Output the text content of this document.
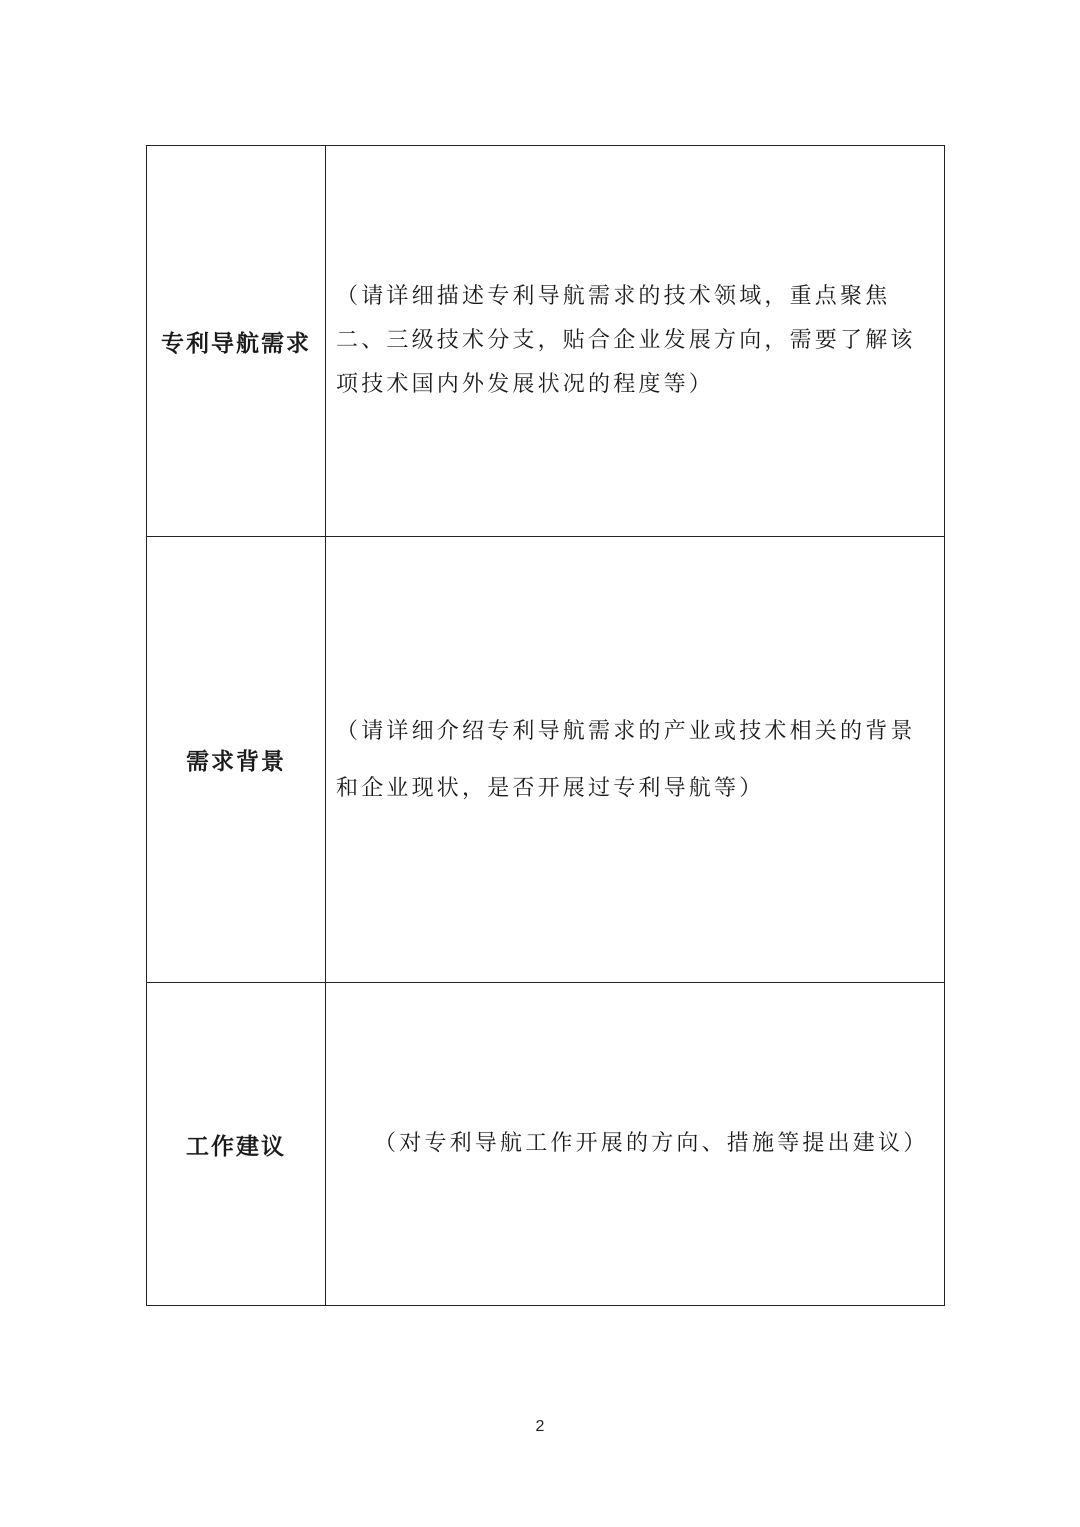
专利导航需求	（请详细描述专利导航需求的技术领域，重点聚焦二、三级技术分支，贴合企业发展方向，需要了解该项技术国内外发展状况的程度等）
需求背景	（请详细介绍专利导航需求的产业或技术相关的背景和企业现状，是否开展过专利导航等）
工作建议	（对专利导航工作开展的方向、措施等提出建议）
2
